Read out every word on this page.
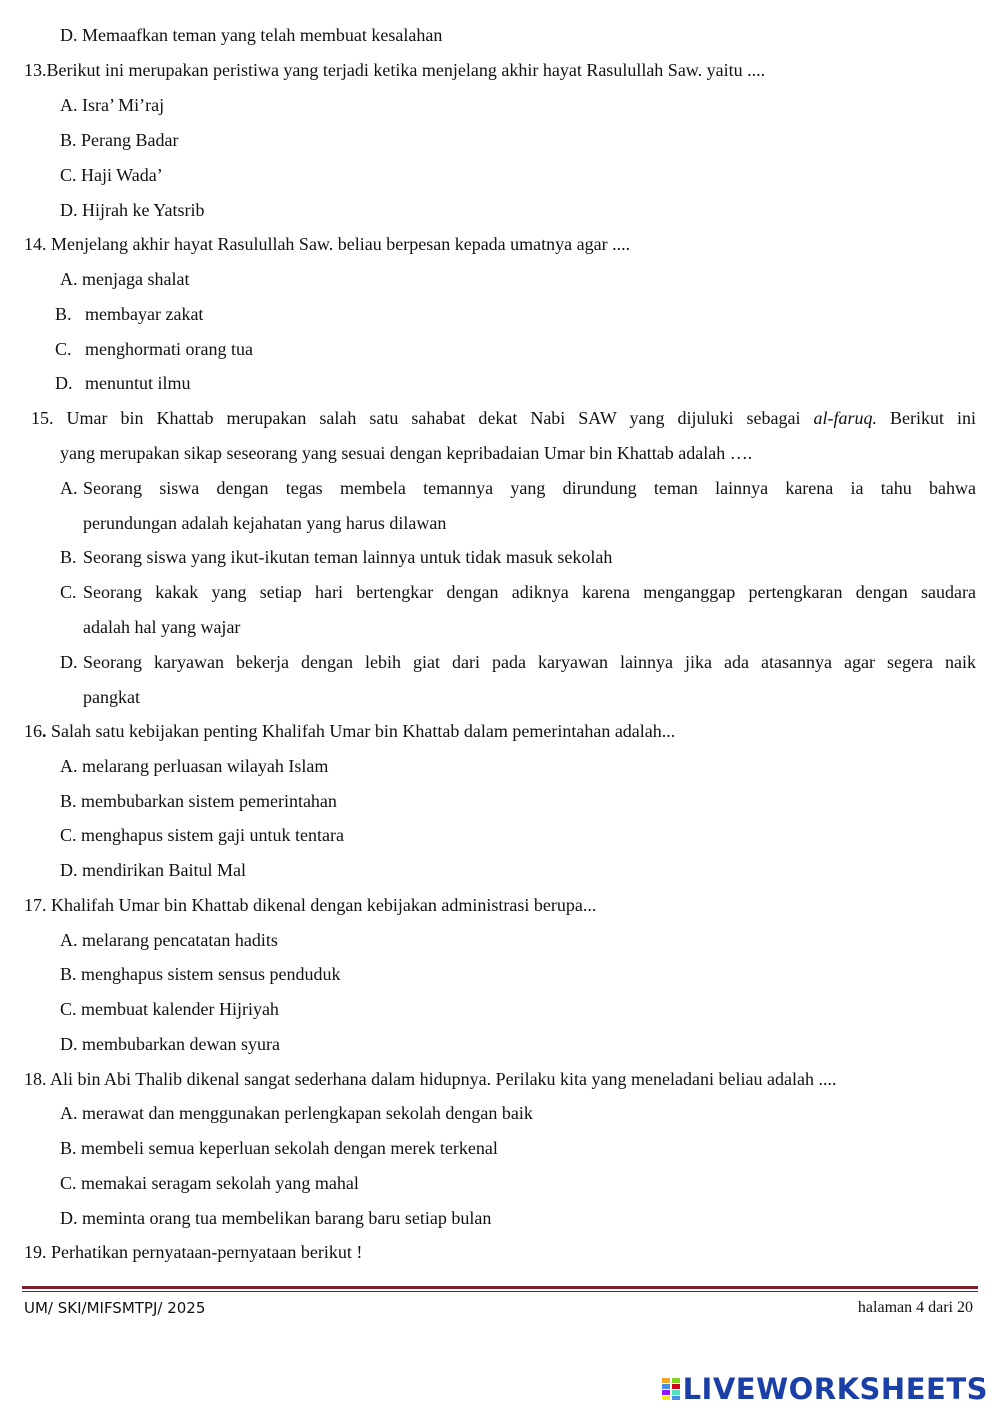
D. Memaafkan teman yang telah membuat kesalahan
13.Berikut ini merupakan peristiwa yang terjadi ketika menjelang akhir hayat Rasulullah Saw. yaitu ....
A. Isra’ Mi’raj
B. Perang Badar
C. Haji Wada’
D. Hijrah ke Yatsrib
14. Menjelang akhir hayat Rasulullah Saw. beliau berpesan kepada umatnya agar ....
A. menjaga shalat
B. membayar zakat
C. menghormati orang tua
D. menuntut ilmu
15. Umar bin Khattab merupakan salah satu sahabat dekat Nabi SAW yang dijuluki sebagai al-faruq. Berikut ini
yang merupakan sikap seseorang yang sesuai dengan kepribadaian Umar bin Khattab adalah ….
A. Seorang siswa dengan tegas membela temannya yang dirundung teman lainnya karena ia tahu bahwa
perundungan adalah kejahatan yang harus dilawan
B. Seorang siswa yang ikut-ikutan teman lainnya untuk tidak masuk sekolah
C. Seorang kakak yang setiap hari bertengkar dengan adiknya karena menganggap pertengkaran dengan saudara
adalah hal yang wajar
D. Seorang karyawan bekerja dengan lebih giat dari pada karyawan lainnya jika ada atasannya agar segera naik
pangkat
16. Salah satu kebijakan penting Khalifah Umar bin Khattab dalam pemerintahan adalah...
A. melarang perluasan wilayah Islam
B. membubarkan sistem pemerintahan
C. menghapus sistem gaji untuk tentara
D. mendirikan Baitul Mal
17. Khalifah Umar bin Khattab dikenal dengan kebijakan administrasi berupa...
A. melarang pencatatan hadits
B. menghapus sistem sensus penduduk
C. membuat kalender Hijriyah
D. membubarkan dewan syura
18. Ali bin Abi Thalib dikenal sangat sederhana dalam hidupnya. Perilaku kita yang meneladani beliau adalah ....
A. merawat dan menggunakan perlengkapan sekolah dengan baik
B. membeli semua keperluan sekolah dengan merek terkenal
C. memakai seragam sekolah yang mahal
D. meminta orang tua membelikan barang baru setiap bulan
19. Perhatikan pernyataan-pernyataan berikut !
UM/ SKI/MIFSMTPJ/ 2025	halaman 4 dari 20
LIVEWORKSHEETS
